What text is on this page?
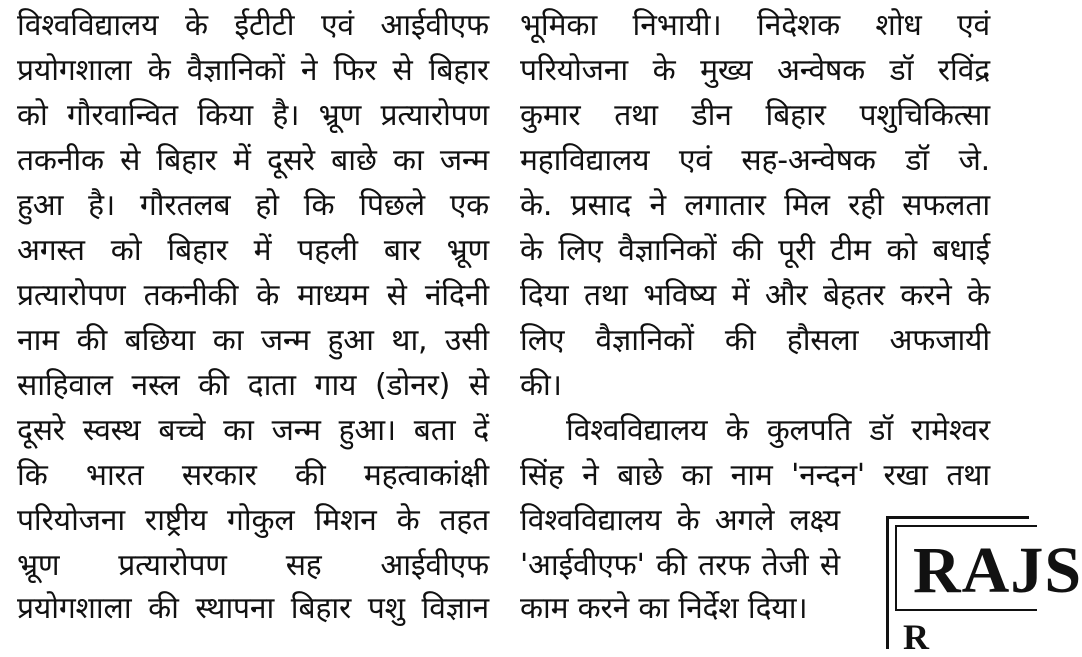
विश्वविद्यालय के ईटीटी एवं आईवीएफ
प्रयोगशाला के वैज्ञानिकों ने फिर से बिहार
को गौरवान्वित किया है। भ्रूण प्रत्यारोपण
तकनीक से बिहार में दूसरे बाछे का जन्म
हुआ है। गौरतलब हो कि पिछले एक
अगस्त को बिहार में पहली बार भ्रूण
प्रत्यारोपण तकनीकी के माध्यम से नंदिनी
नाम की बछिया का जन्म हुआ था, उसी
साहिवाल नस्ल की दाता गाय (डोनर) से
दूसरे स्वस्थ बच्चे का जन्म हुआ। बता दें
कि भारत सरकार की महत्वाकांक्षी
परियोजना राष्ट्रीय गोकुल मिशन के तहत
भ्रूण प्रत्यारोपण सह आईवीएफ
प्रयोगशाला की स्थापना बिहार पशु विज्ञान
भूमिका निभायी। निदेशक शोध एवं
परियोजना के मुख्य अन्वेषक डॉ रविंद्र
कुमार तथा डीन बिहार पशुचिकित्सा
महाविद्यालय एवं सह-अन्वेषक डॉ जे.
के. प्रसाद ने लगातार मिल रही सफलता
के लिए वैज्ञानिकों की पूरी टीम को बधाई
दिया तथा भविष्य में और बेहतर करने के
लिए वैज्ञानिकों की हौसला अफजायी
की।
विश्वविद्यालय के कुलपति डॉ रामेश्वर
सिंह ने बाछे का नाम 'नन्दन' रखा तथा
विश्वविद्यालय के अगले लक्ष्य
'आईवीएफ' की तरफ तेजी से
काम करने का निर्देश दिया।
RAJS
R
